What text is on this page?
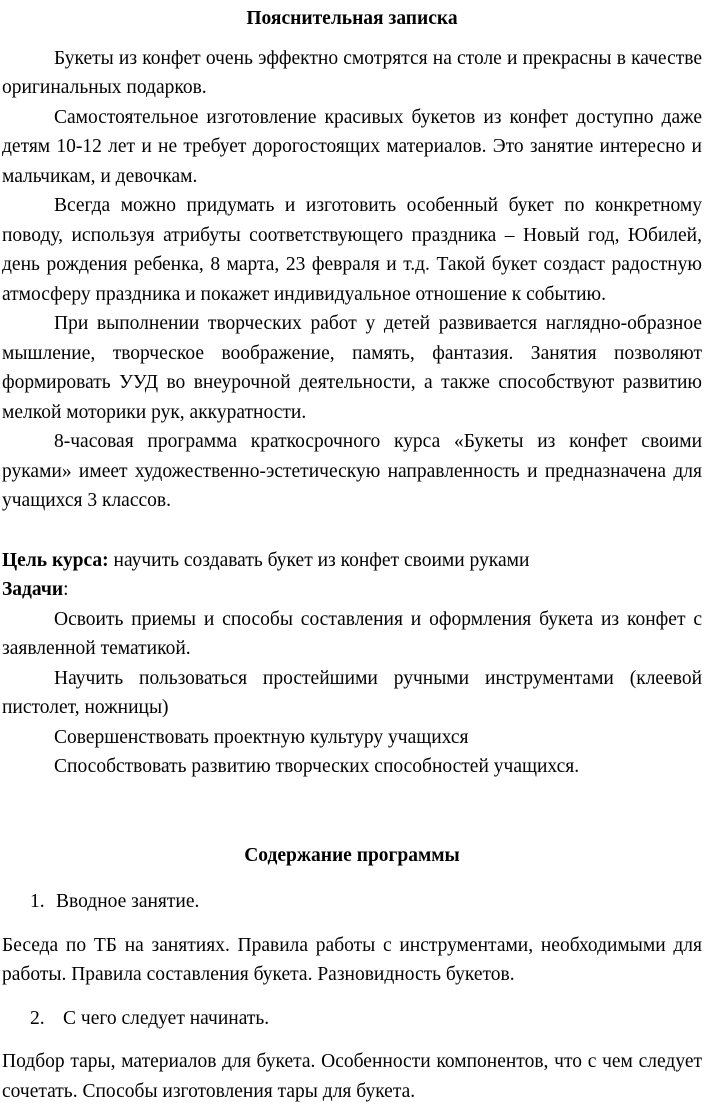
Пояснительная записка

Букеты из конфет очень эффектно смотрятся на столе и прекрасны в качестве оригинальных подарков.

Самостоятельное изготовление красивых букетов из конфет доступно даже детям 10-12 лет и не требует дорогостоящих материалов. Это занятие интересно и мальчикам, и девочкам.

Всегда можно придумать и изготовить особенный букет по конкретному поводу, используя атрибуты соответствующего праздника – Новый год, Юбилей, день рождения ребенка, 8 марта, 23 февраля и т.д. Такой букет создаст радостную атмосферу праздника и покажет индивидуальное отношение к событию.

При выполнении творческих работ у детей развивается наглядно-образное мышление, творческое воображение, память, фантазия. Занятия позволяют формировать УУД во внеурочной деятельности, а также способствуют развитию мелкой моторики рук, аккуратности.

8-часовая программа краткосрочного курса «Букеты из конфет своими руками» имеет художественно-эстетическую направленность и предназначена для учащихся 3 классов.

Цель курса: научить создавать букет из конфет своими руками

Задачи:

Освоить приемы и способы составления и оформления букета из конфет с заявленной тематикой.

Научить пользоваться простейшими ручными инструментами (клеевой пистолет, ножницы)

Совершенствовать проектную культуру учащихся

Способствовать развитию творческих способностей учащихся.

Содержание программы

1. Вводное занятие.

Беседа по ТБ на занятиях. Правила работы с инструментами, необходимыми для работы. Правила составления букета. Разновидность букетов.

2. С чего следует начинать.

Подбор тары, материалов для букета. Особенности компонентов, что с чем следует сочетать. Способы изготовления тары для букета.
